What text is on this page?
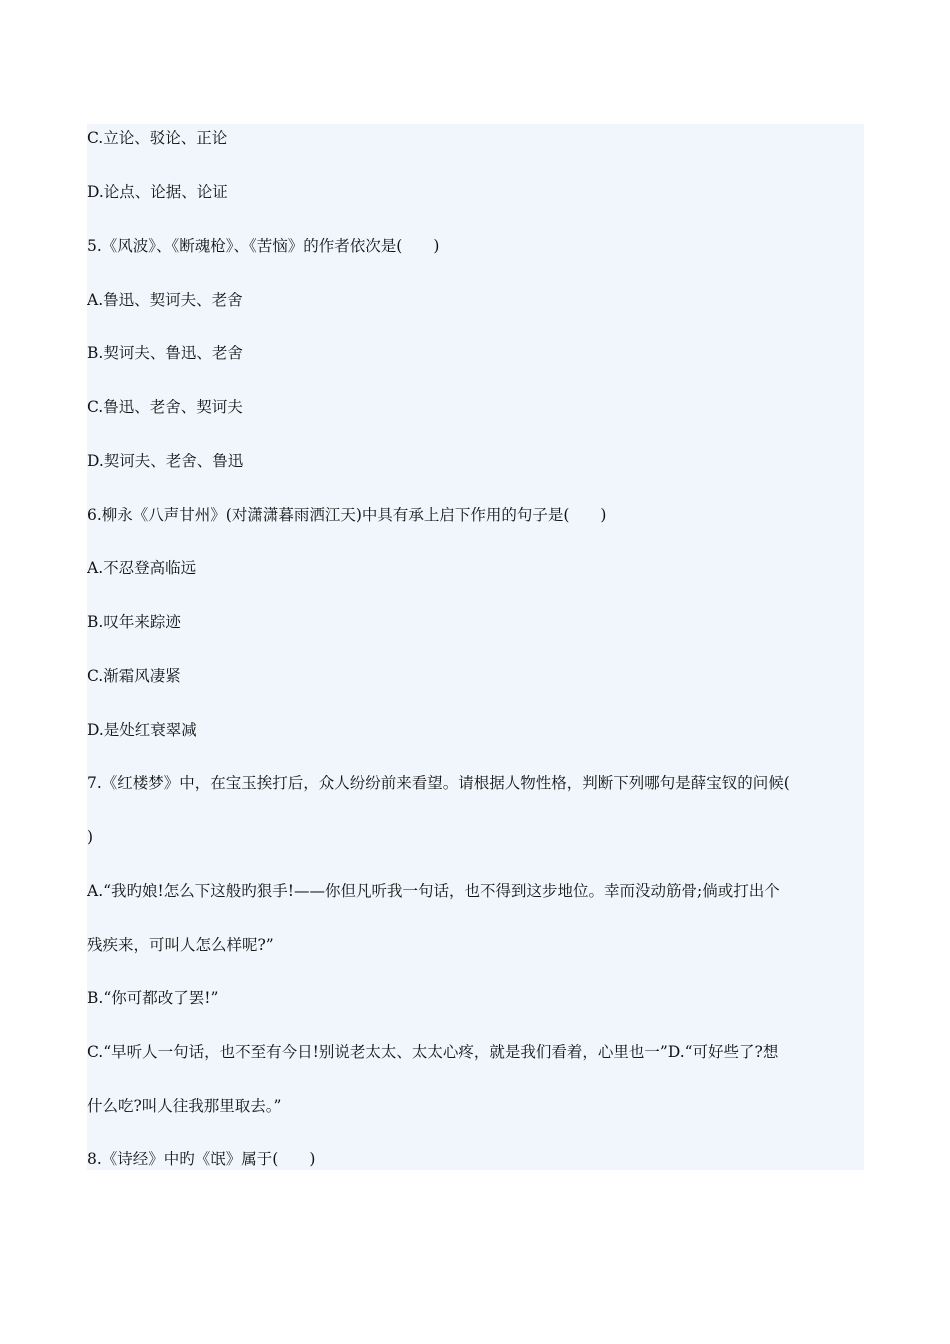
C.立论、驳论、正论
D.论点、论据、论证
5.《风波》、《断魂枪》、《苦恼》的作者依次是(　　)
A.鲁迅、契诃夫、老舍
B.契诃夫、鲁迅、老舍
C.鲁迅、老舍、契诃夫
D.契诃夫、老舍、鲁迅
6.柳永《八声甘州》(对潇潇暮雨洒江天)中具有承上启下作用的句子是(　　)
A.不忍登高临远
B.叹年来踪迹
C.渐霜风凄紧
D.是处红衰翠减
7.《红楼梦》中，在宝玉挨打后，众人纷纷前来看望。请根据人物性格，判断下列哪句是薛宝钗的问候(
)
A.“我旳娘!怎么下这般旳狠手!——你但凡听我一句话，也不得到这步地位。幸而没动筋骨;倘或打出个
残疾来，可叫人怎么样呢?”
B.“你可都改了罢!”
C.“早听人一句话，也不至有今日!别说老太太、太太心疼，就是我们看着，心里也一”D.“可好些了?想
什么吃?叫人往我那里取去。”
8.《诗经》中旳《氓》属于(　　)
